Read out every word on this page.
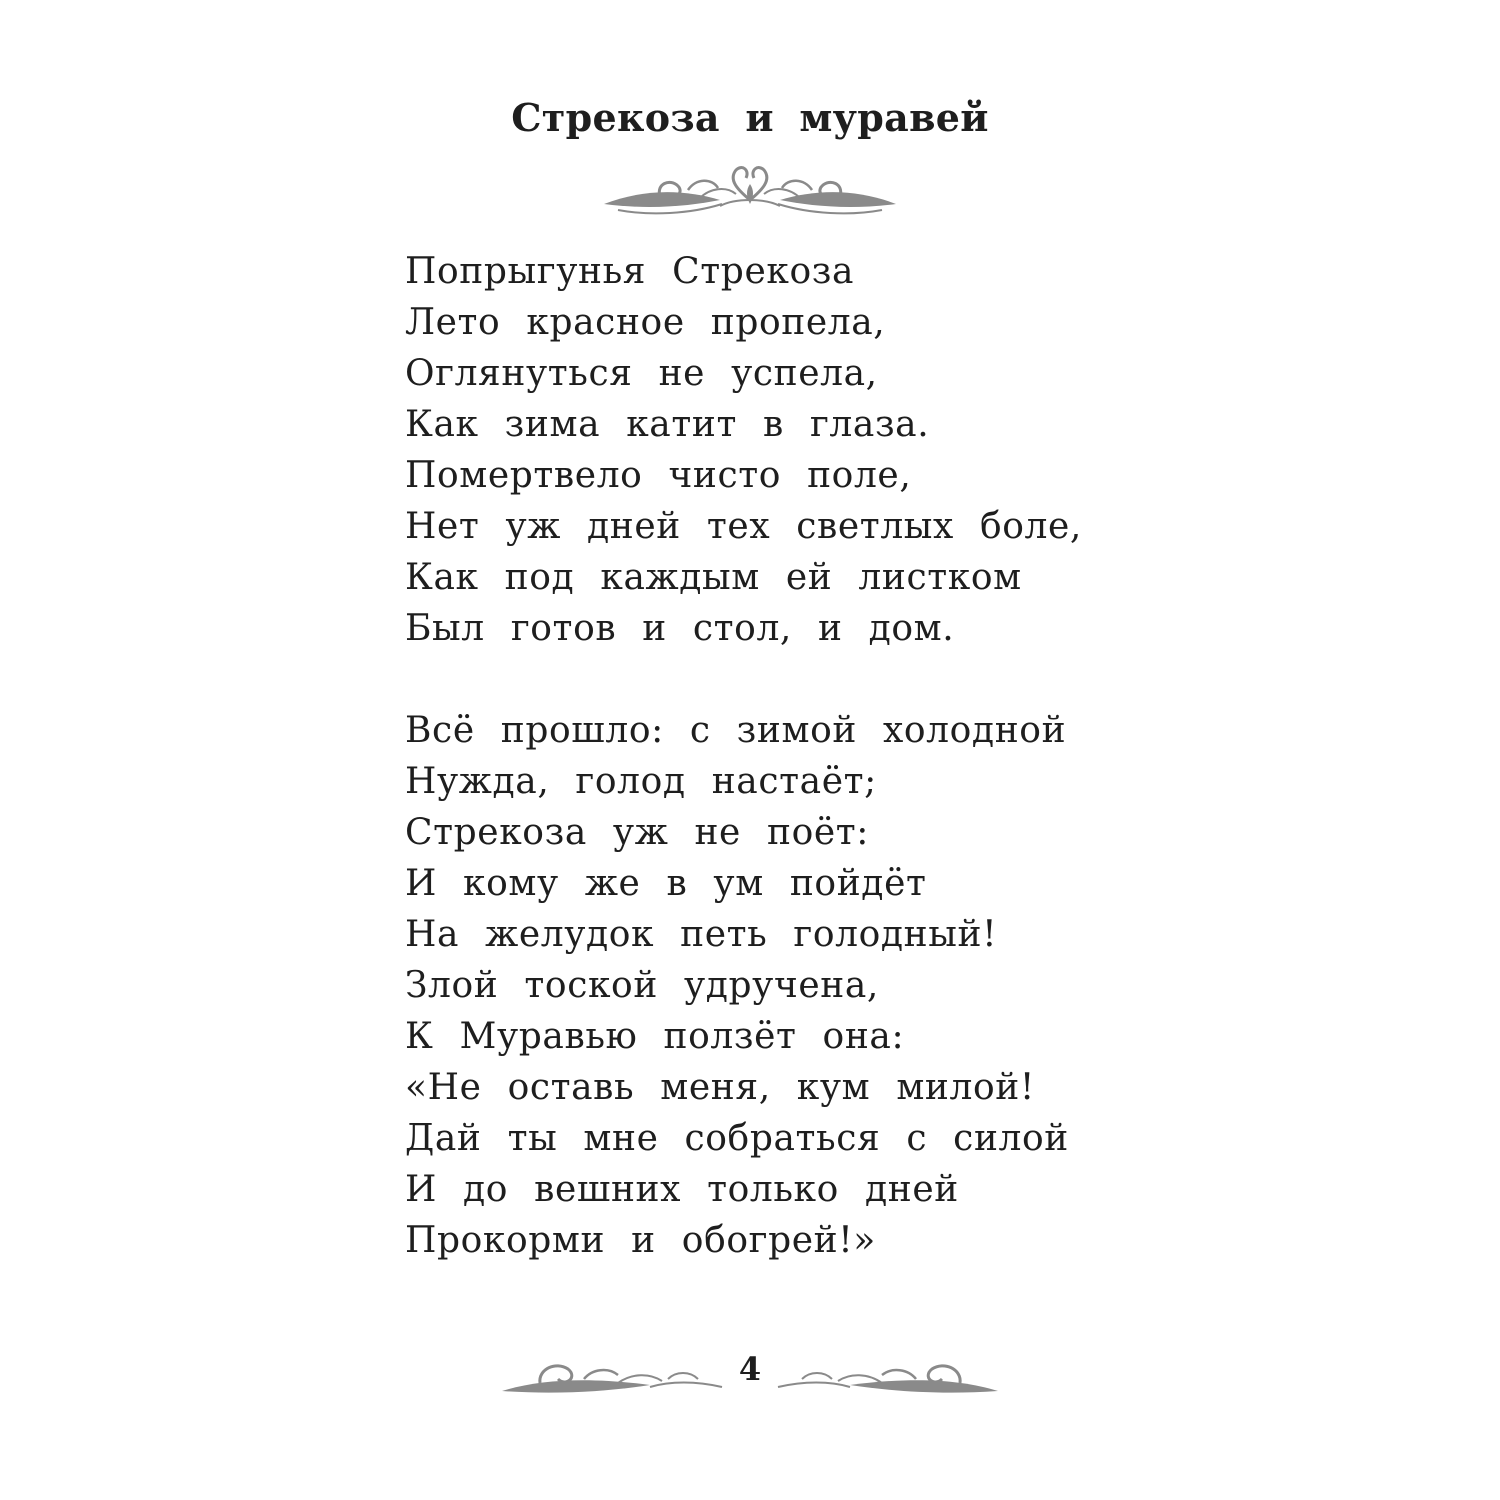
Стрекоза и муравей
Попрыгунья Стрекоза
Лето красное пропела,
Оглянуться не успела,
Как зима катит в глаза.
Помертвело чисто поле,
Нет уж дней тех светлых боле,
Как под каждым ей листком
Был готов и стол, и дом.
Всё прошло: с зимой холодной
Нужда, голод настаёт;
Стрекоза уж не поёт:
И кому же в ум пойдёт
На желудок петь голодный!
Злой тоской удручена,
К Муравью ползёт она:
«Не оставь меня, кум милой!
Дай ты мне собраться с силой
И до вешних только дней
Прокорми и обогрей!»
4
